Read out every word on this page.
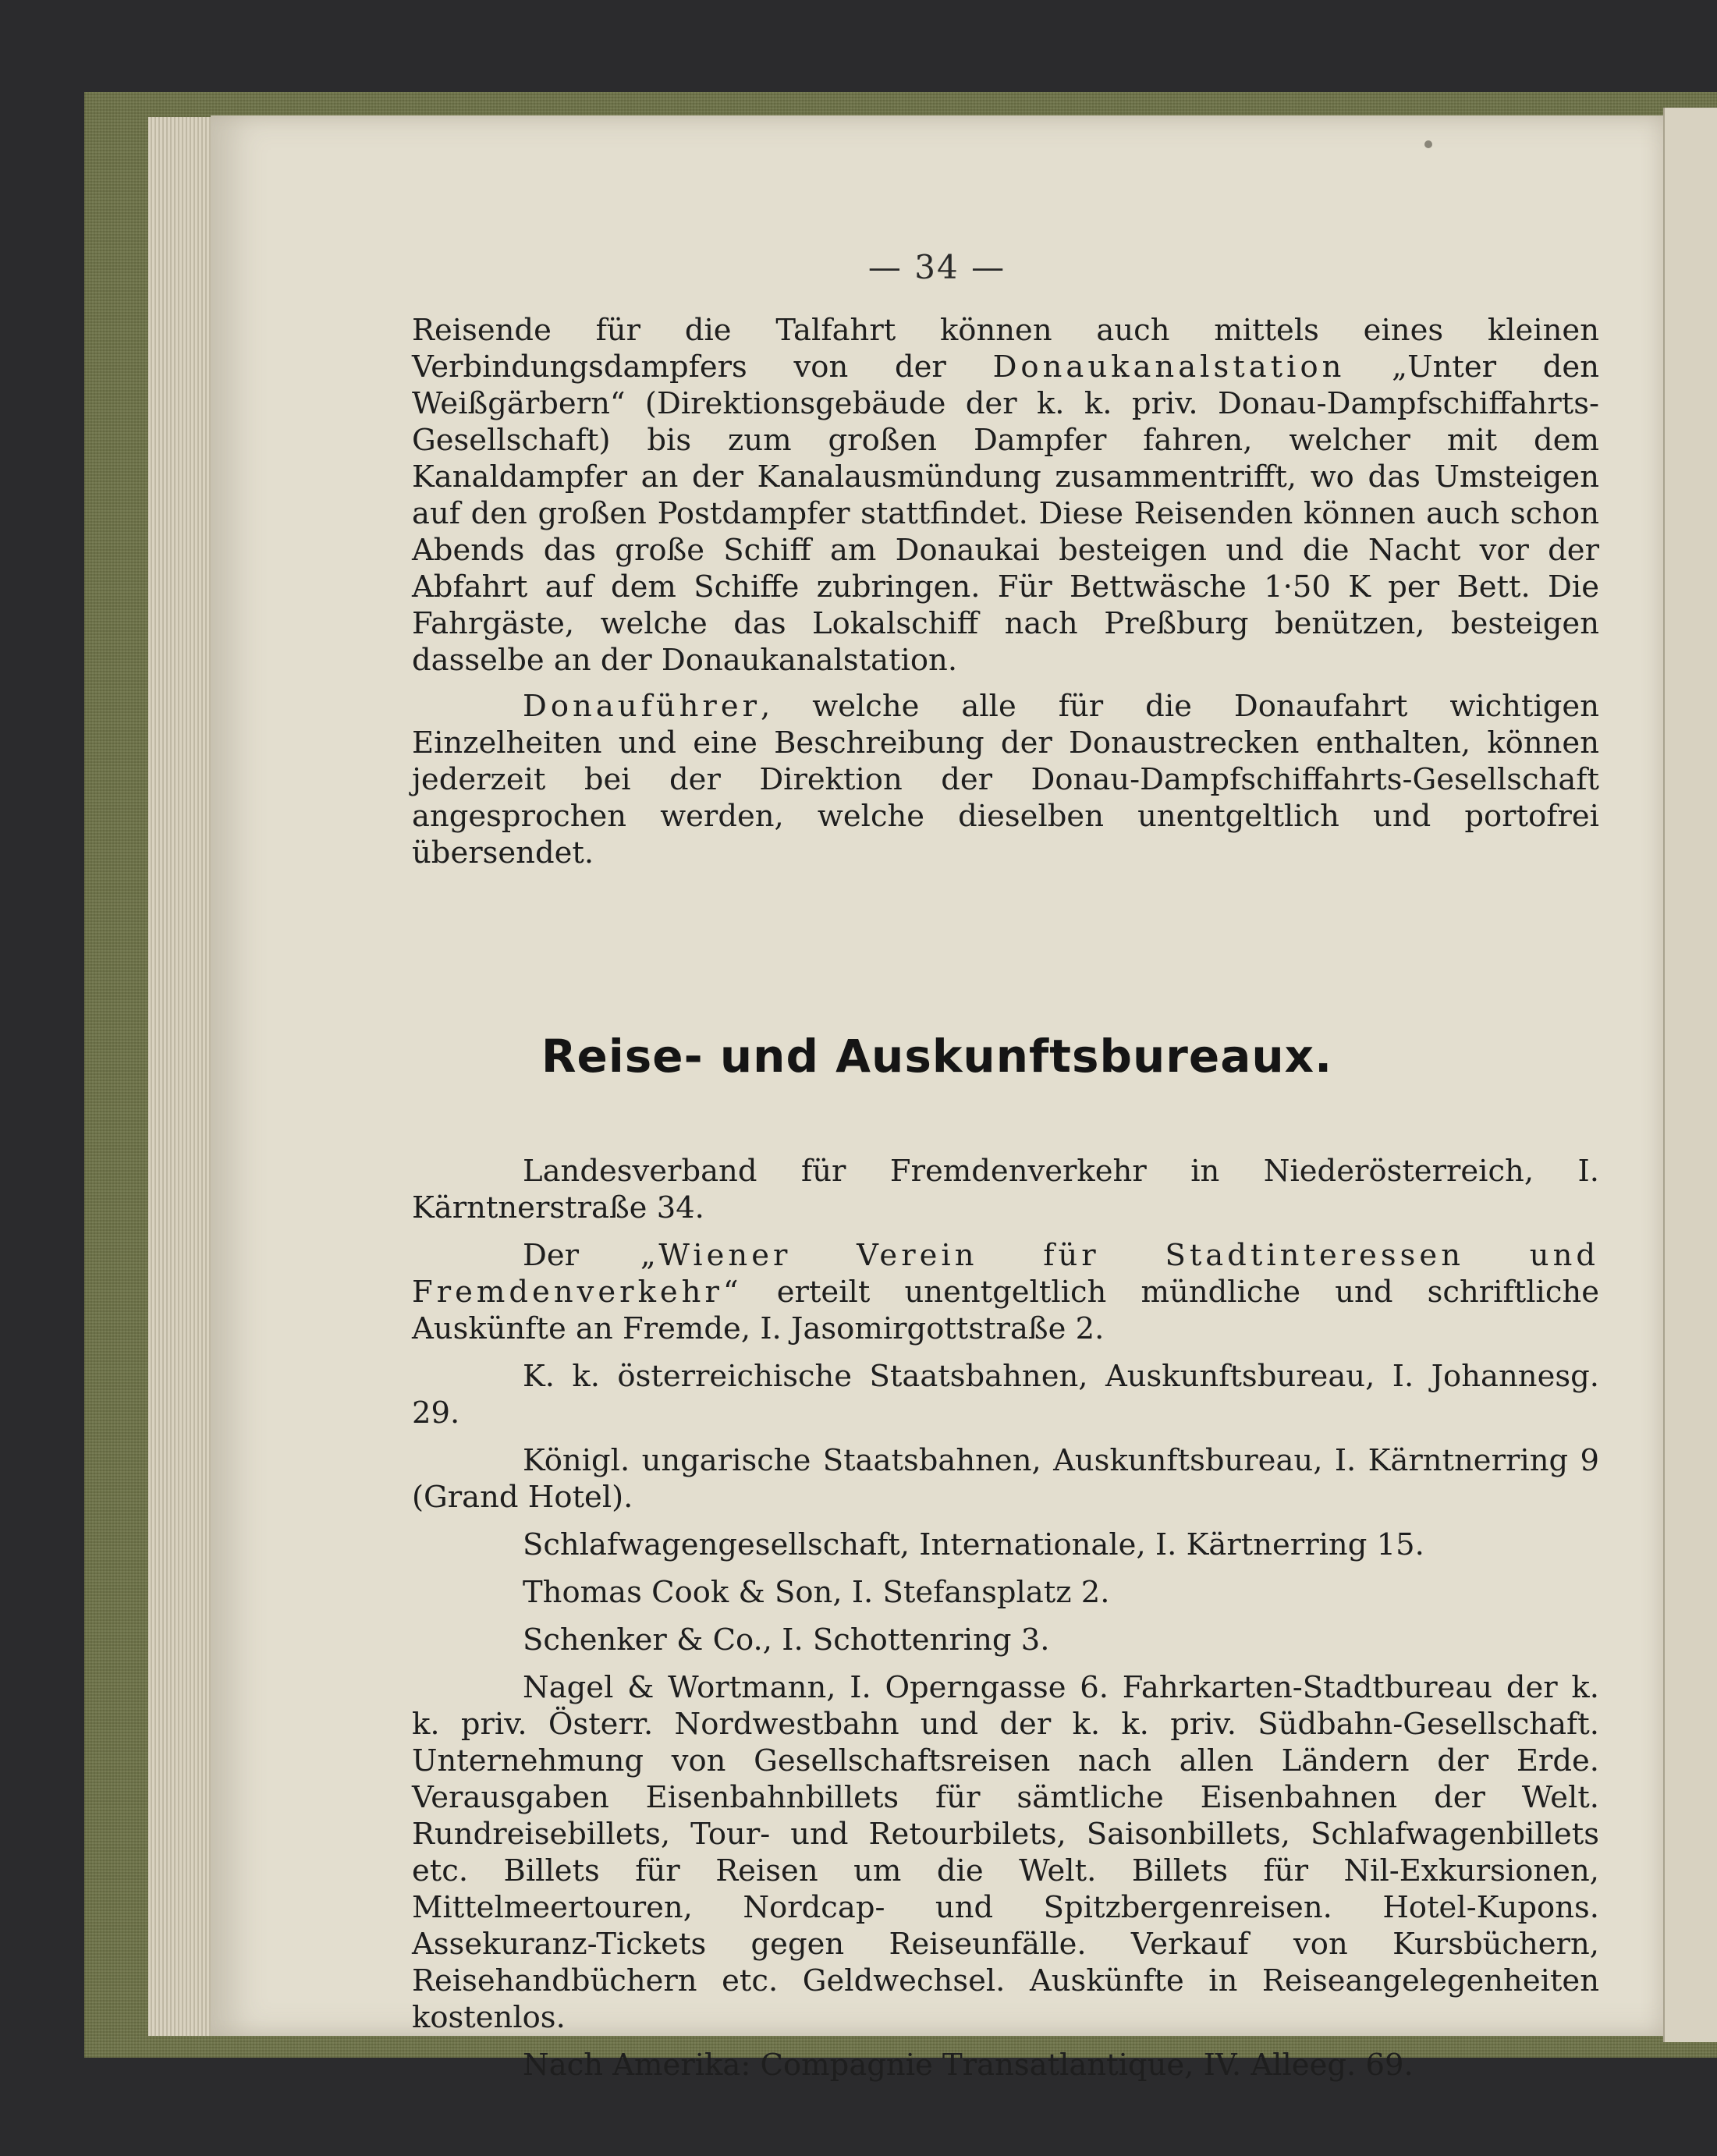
— 34 —

Reisende für die Talfahrt können auch mittels eines kleinen Verbindungsdampfers von der Donaukanalstation „Unter den Weißgärbern“ (Direktionsgebäude der k. k. priv. Donau-Dampfschiffahrts-Gesellschaft) bis zum großen Dampfer fahren, welcher mit dem Kanaldampfer an der Kanalausmündung zusammentrifft, wo das Umsteigen auf den großen Postdampfer stattfindet. Diese Reisenden können auch schon Abends das große Schiff am Donaukai besteigen und die Nacht vor der Abfahrt auf dem Schiffe zubringen. Für Bettwäsche 1·50 K per Bett. Die Fahrgäste, welche das Lokalschiff nach Preßburg benützen, besteigen dasselbe an der Donaukanalstation.

Donauführer, welche alle für die Donaufahrt wichtigen Einzelheiten und eine Beschreibung der Donaustrecken enthalten, können jederzeit bei der Direktion der Donau-Dampfschiffahrts-Gesellschaft angesprochen werden, welche dieselben unentgeltlich und portofrei übersendet.

Reise- und Auskunftsbureaux.

Landesverband für Fremdenverkehr in Niederösterreich, I. Kärntnerstraße 34.

Der „Wiener Verein für Stadtinteressen und Fremdenverkehr“ erteilt unentgeltlich mündliche und schriftliche Auskünfte an Fremde, I. Jasomirgottstraße 2.

K. k. österreichische Staatsbahnen, Auskunftsbureau, I. Johannesg. 29.

Königl. ungarische Staatsbahnen, Auskunftsbureau, I. Kärntnerring 9 (Grand Hotel).

Schlafwagengesellschaft, Internationale, I. Kärtnerring 15.

Thomas Cook & Son, I. Stefansplatz 2.

Schenker & Co., I. Schottenring 3.

Nagel & Wortmann, I. Operngasse 6. Fahrkarten-Stadtbureau der k. k. priv. Österr. Nordwestbahn und der k. k. priv. Südbahn-Gesellschaft. Unternehmung von Gesellschaftsreisen nach allen Ländern der Erde. Verausgaben Eisenbahnbillets für sämtliche Eisenbahnen der Welt. Rundreisebillets, Tour- und Retourbilets, Saisonbillets, Schlafwagenbillets etc. Billets für Reisen um die Welt. Billets für Nil-Exkursionen, Mittelmeertouren, Nordcap- und Spitzbergenreisen. Hotel-Kupons. Assekuranz-Tickets gegen Reiseunfälle. Verkauf von Kursbüchern, Reisehandbüchern etc. Geldwechsel. Auskünfte in Reiseangelegenheiten kostenlos.

Nach Amerika: Compagnie Transatlantique, IV. Alleeg. 69.
